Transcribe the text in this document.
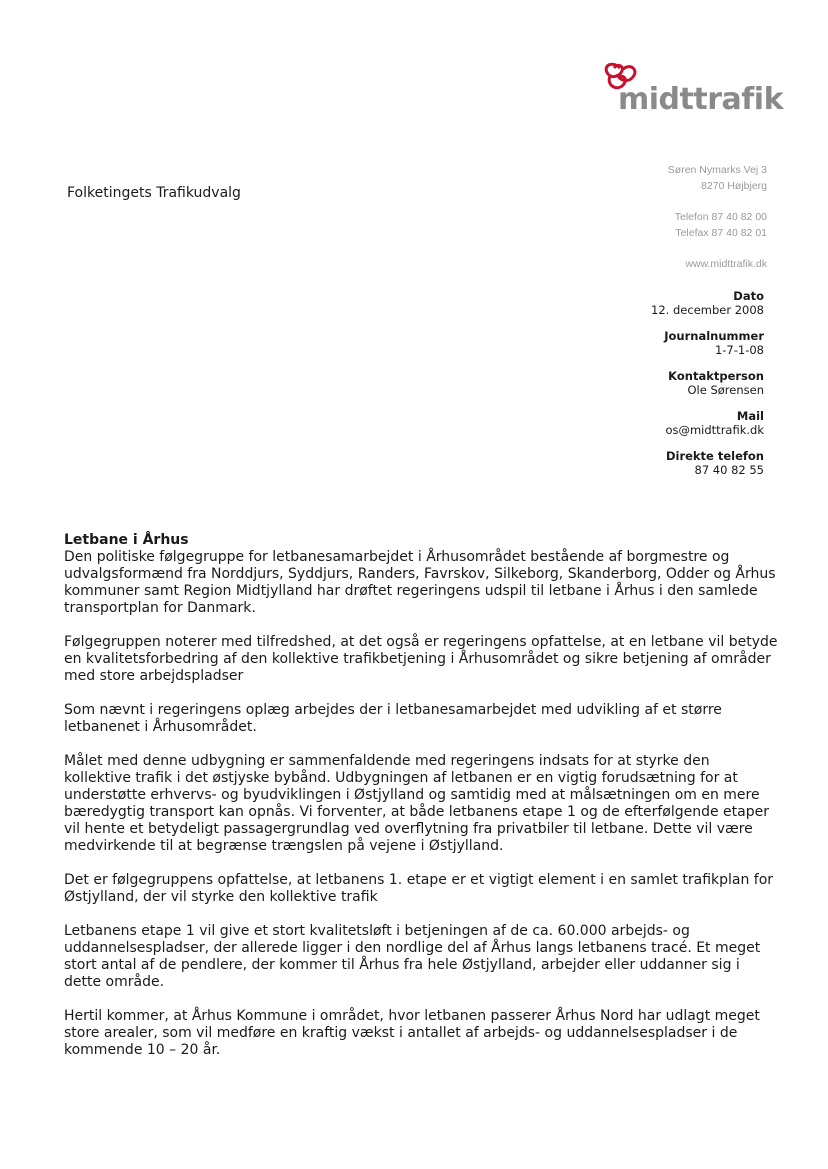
midttrafik
Folketingets Trafikudvalg
Søren Nymarks Vej 3
8270 Højbjerg
Telefon 87 40 82 00
Telefax 87 40 82 01
www.midttrafik.dk
Dato
12. december 2008
Journalnummer
1-7-1-08
Kontaktperson
Ole Sørensen
Mail
os@midttrafik.dk
Direkte telefon
87 40 82 55
Letbane i Århus

Den politiske følgegruppe for letbanesamarbejdet i Århusområdet bestående af borgmestre og udvalgsformænd fra Norddjurs, Syddjurs, Randers, Favrskov, Silkeborg, Skanderborg, Odder og Århus kommuner samt Region Midtjylland har drøftet regeringens udspil til letbane i Århus i den samlede transportplan for Danmark.

Følgegruppen noterer med tilfredshed, at det også er regeringens opfattelse, at en letbane vil betyde en kvalitetsforbedring af den kollektive trafikbetjening i Århusområdet og sikre betjening af områder med store arbejdspladser

Som nævnt i regeringens oplæg arbejdes der i letbanesamarbejdet med udvikling af et større letbanenet i Århusområdet.

Målet med denne udbygning er sammenfaldende med regeringens indsats for at styrke den kollektive trafik i det østjyske bybånd. Udbygningen af letbanen er en vigtig forudsætning for at understøtte erhvervs- og byudviklingen i Østjylland og samtidig med at målsætningen om en mere bæredygtig transport kan opnås. Vi forventer, at både letbanens etape 1 og de efterfølgende etaper vil hente et betydeligt passagergrundlag ved overflytning fra privatbiler til letbane. Dette vil være medvirkende til at begrænse trængslen på vejene i Østjylland.

Det er følgegruppens opfattelse, at letbanens 1. etape er et vigtigt element i en samlet trafikplan for Østjylland, der vil styrke den kollektive trafik

Letbanens etape 1 vil give et stort kvalitetsløft i betjeningen af de ca. 60.000 arbejds- og uddannelsespladser, der allerede ligger i den nordlige del af Århus langs letbanens tracé. Et meget stort antal af de pendlere, der kommer til Århus fra hele Østjylland, arbejder eller uddanner sig i dette område.

Hertil kommer, at Århus Kommune i området, hvor letbanen passerer Århus Nord har udlagt meget store arealer, som vil medføre en kraftig vækst i antallet af arbejds- og uddannelsespladser i de kommende 10 – 20 år.
